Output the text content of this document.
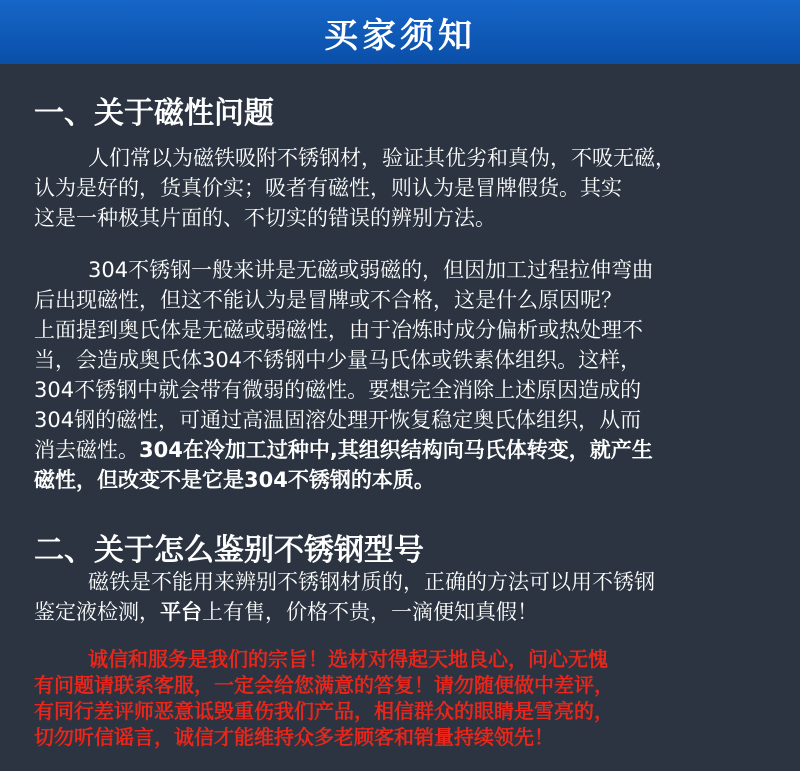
买家须知
一、关于磁性问题
人们常以为磁铁吸附不锈钢材，验证其优劣和真伪，不吸无磁，
认为是好的，货真价实；吸者有磁性，则认为是冒牌假货。其实
这是一种极其片面的、不切实的错误的辨别方法。
304不锈钢一般来讲是无磁或弱磁的，但因加工过程拉伸弯曲
后出现磁性，但这不能认为是冒牌或不合格，这是什么原因呢？
上面提到奥氏体是无磁或弱磁性，由于冶炼时成分偏析或热处理不
当，会造成奥氏体304不锈钢中少量马氏体或铁素体组织。这样，
304不锈钢中就会带有微弱的磁性。要想完全消除上述原因造成的
304钢的磁性，可通过高温固溶处理开恢复稳定奥氏体组织，从而
消去磁性。304在冷加工过种中,其组织结构向马氏体转变，就产生
磁性，但改变不是它是304不锈钢的本质。
二、关于怎么鉴别不锈钢型号
磁铁是不能用来辨别不锈钢材质的，正确的方法可以用不锈钢
鉴定液检测，平台上有售，价格不贵，一滴便知真假！
诚信和服务是我们的宗旨！选材对得起天地良心，问心无愧
有问题请联系客服，一定会给您满意的答复！请勿随便做中差评，
有同行差评师恶意诋毁重伤我们产品，相信群众的眼睛是雪亮的，
切勿听信谣言，诚信才能维持众多老顾客和销量持续领先！
